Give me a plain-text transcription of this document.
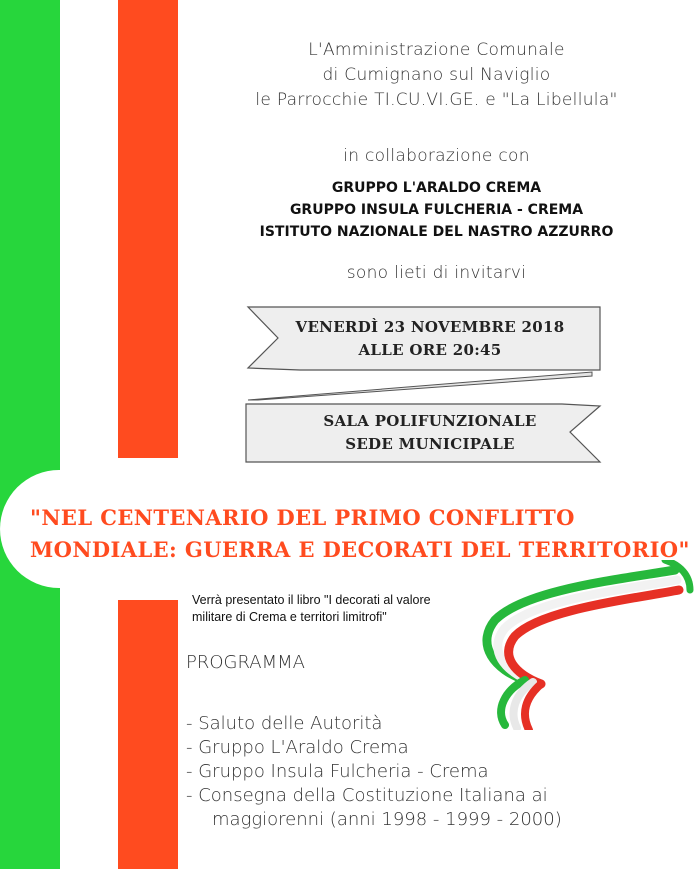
L'Amministrazione Comunale
di Cumignano sul Naviglio
le Parrocchie TI.CU.VI.GE. e "La Libellula"
in collaborazione con
GRUPPO L'ARALDO CREMA
GRUPPO INSULA FULCHERIA - CREMA
ISTITUTO NAZIONALE DEL NASTRO AZZURRO
sono lieti di invitarvi
VENERDÌ 23 NOVEMBRE 2018
ALLE ORE 20:45
SALA POLIFUNZIONALE
SEDE MUNICIPALE
"NEL CENTENARIO DEL PRIMO CONFLITTO
MONDIALE: GUERRA E DECORATI DEL TERRITORIO"
Verrà presentato il libro "I decorati al valore
militare di Crema e territori limitrofi"
PROGRAMMA
- Saluto delle Autorità
- Gruppo L'Araldo Crema
- Gruppo Insula Fulcheria - Crema
- Consegna della Costituzione Italiana ai
maggiorenni (anni 1998 - 1999 - 2000)
